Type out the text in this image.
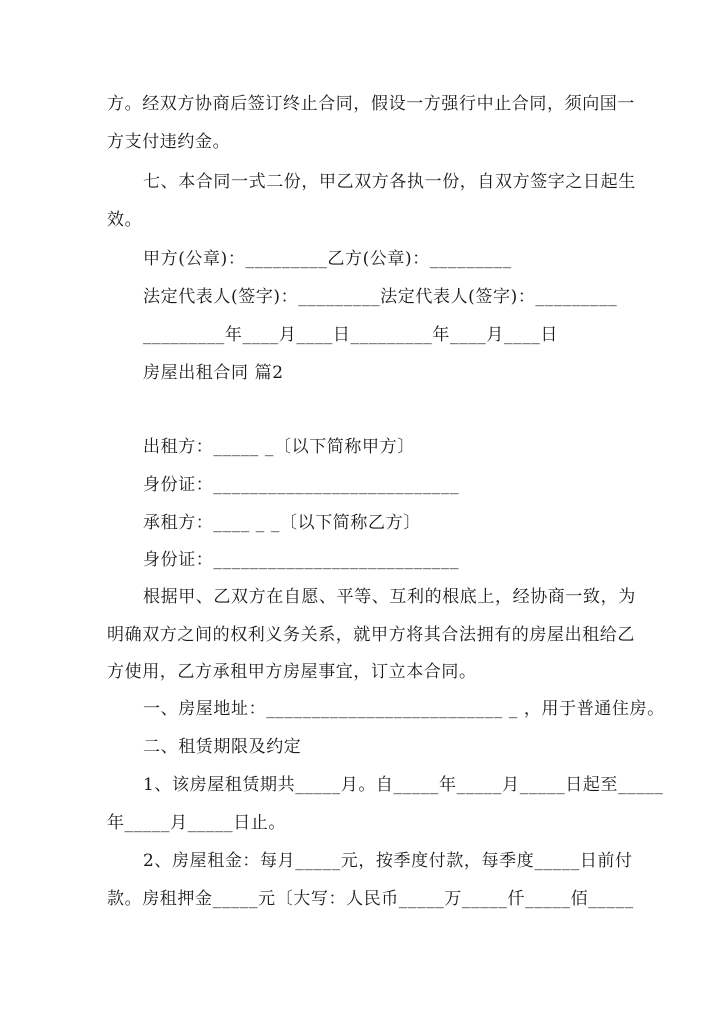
方。经双方协商后签订终止合同，假设一方强行中止合同，须向国一
方支付违约金。
七、本合同一式二份，甲乙双方各执一份，自双方签字之日起生
效。
甲方(公章)：_________乙方(公章)：_________
法定代表人(签字)：_________法定代表人(签字)：_________
_________年____月____日_________年____月____日
房屋出租合同 篇2
出租方：_____ _〔以下简称甲方〕
身份证：___________________________
承租方：____ _ _〔以下简称乙方〕
身份证：___________________________
根据甲、乙双方在自愿、平等、互利的根底上，经协商一致，为
明确双方之间的权利义务关系，就甲方将其合法拥有的房屋出租给乙
方使用，乙方承租甲方房屋事宜，订立本合同。
一、房屋地址：__________________________ _ ，用于普通住房。
二、租赁期限及约定
1、该房屋租赁期共_____月。自_____年_____月_____日起至_____
年_____月_____日止。
2、房屋租金：每月_____元，按季度付款，每季度_____日前付
款。房租押金_____元〔大写：人民币_____万_____仟_____佰_____
